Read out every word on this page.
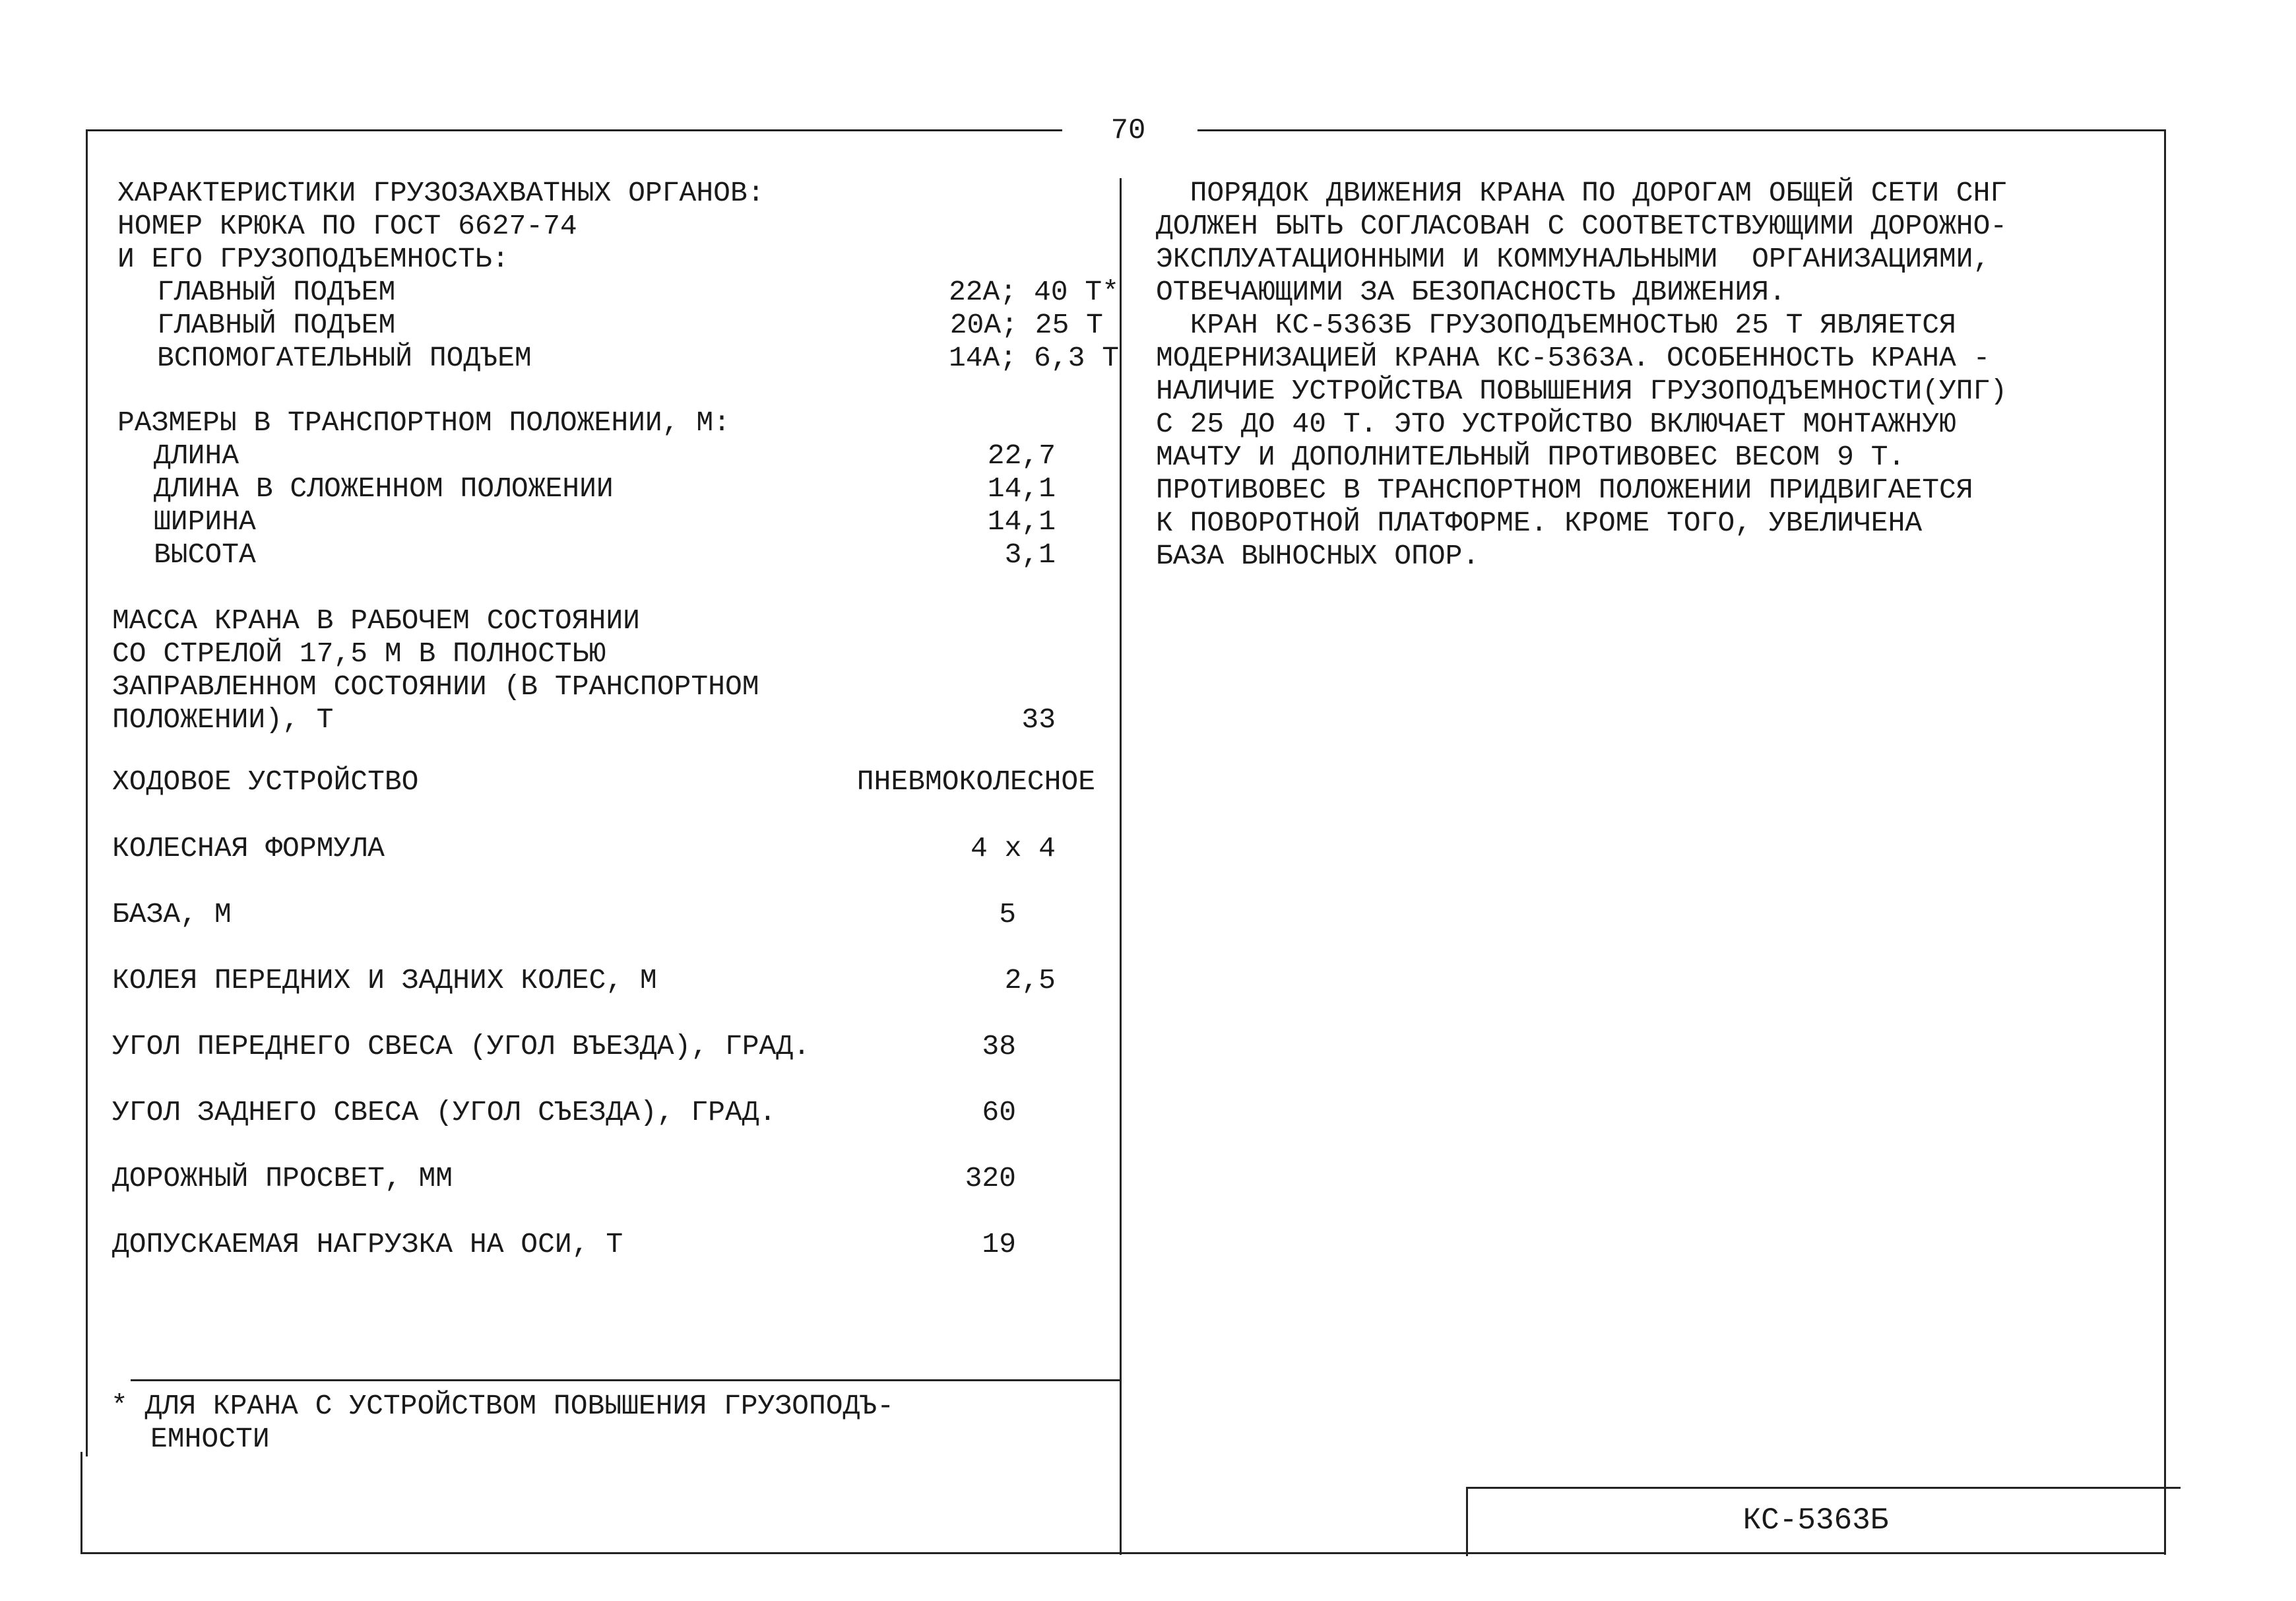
70
ХАРАКТЕРИСТИКИ ГРУЗОЗАХВАТНЫХ ОРГАНОВ:
НОМЕР КРЮКА ПО ГОСТ 6627-74
И ЕГО ГРУЗОПОДЪЕМНОСТЬ:
ГЛАВНЫЙ ПОДЪЕМ	22А; 40 Т*
ГЛАВНЫЙ ПОДЪЕМ	20А; 25 Т
ВСПОМОГАТЕЛЬНЫЙ ПОДЪЕМ	14А; 6,3 Т
РАЗМЕРЫ В ТРАНСПОРТНОМ ПОЛОЖЕНИИ, М:
ДЛИНА	22,7
ДЛИНА В СЛОЖЕННОМ ПОЛОЖЕНИИ	14,1
ШИРИНА	14,1
ВЫСОТА	3,1
МАССА КРАНА В РАБОЧЕМ СОСТОЯНИИ
СО СТРЕЛОЙ 17,5 М В ПОЛНОСТЬЮ
ЗАПРАВЛЕННОМ СОСТОЯНИИ (В ТРАНСПОРТНОМ
ПОЛОЖЕНИИ), Т	33
ХОДОВОЕ УСТРОЙСТВО	ПНЕВМОКОЛЕСНОЕ
КОЛЕСНАЯ ФОРМУЛА	4 х 4
БАЗА, М	5
КОЛЕЯ ПЕРЕДНИХ И ЗАДНИХ КОЛЕС, М	2,5
УГОЛ ПЕРЕДНЕГО СВЕСА (УГОЛ ВЪЕЗДА), ГРАД.	38
УГОЛ ЗАДНЕГО СВЕСА (УГОЛ СЪЕЗДА), ГРАД.	60
ДОРОЖНЫЙ ПРОСВЕТ, ММ	320
ДОПУСКАЕМАЯ НАГРУЗКА НА ОСИ, Т	19
* ДЛЯ КРАНА С УСТРОЙСТВОМ ПОВЫШЕНИЯ ГРУЗОПОДЪ-
ЕМНОСТИ
ПОРЯДОК ДВИЖЕНИЯ КРАНА ПО ДОРОГАМ ОБЩЕЙ СЕТИ СНГ
ДОЛЖЕН БЫТЬ СОГЛАСОВАН С СООТВЕТСТВУЮЩИМИ ДОРОЖНО-
ЭКСПЛУАТАЦИОННЫМИ И КОММУНАЛЬНЫМИ  ОРГАНИЗАЦИЯМИ,
ОТВЕЧАЮЩИМИ ЗА БЕЗОПАСНОСТЬ ДВИЖЕНИЯ.
КРАН КС-5363Б ГРУЗОПОДЪЕМНОСТЬЮ 25 Т ЯВЛЯЕТСЯ
МОДЕРНИЗАЦИЕЙ КРАНА КС-5363А. ОСОБЕННОСТЬ КРАНА -
НАЛИЧИЕ УСТРОЙСТВА ПОВЫШЕНИЯ ГРУЗОПОДЪЕМНОСТИ(УПГ)
С 25 ДО 40 Т. ЭТО УСТРОЙСТВО ВКЛЮЧАЕТ МОНТАЖНУЮ
МАЧТУ И ДОПОЛНИТЕЛЬНЫЙ ПРОТИВОВЕС ВЕСОМ 9 Т.
ПРОТИВОВЕС В ТРАНСПОРТНОМ ПОЛОЖЕНИИ ПРИДВИГАЕТСЯ
К ПОВОРОТНОЙ ПЛАТФОРМЕ. КРОМЕ ТОГО, УВЕЛИЧЕНА
БАЗА ВЫНОСНЫХ ОПОР.
КС-5363Б
